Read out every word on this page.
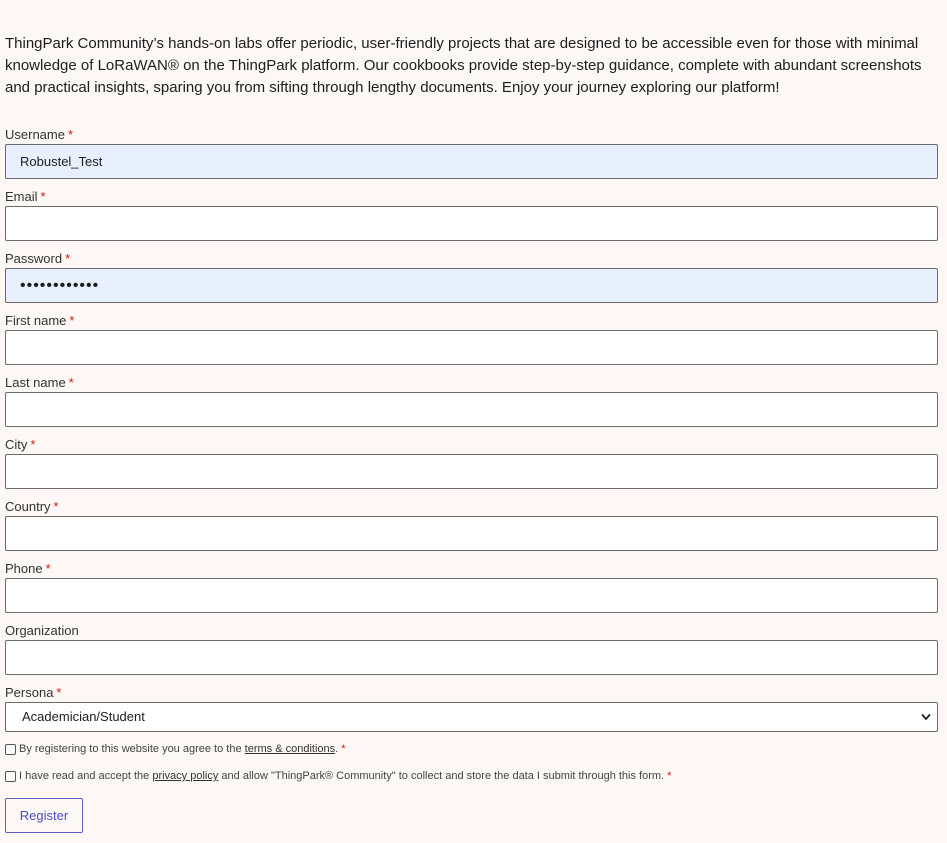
ThingPark Community’s hands-on labs offer periodic, user-friendly projects that are designed to be accessible even for those with minimal knowledge of LoRaWAN® on the ThingPark platform. Our cookbooks provide step-by-step guidance, complete with abundant screenshots and practical insights, sparing you from sifting through lengthy documents. Enjoy your journey exploring our platform!

Username *
Robustel_Test
Email *
Password *
••••••••••••
First name *
Last name *
City *
Country *
Phone *
Organization
Persona *
Academician/Student
By registering to this website you agree to the
terms & conditions . *
I have read and accept the
privacy policy
and allow "ThingPark® Community" to collect and store the data I submit through this form. *
Register
